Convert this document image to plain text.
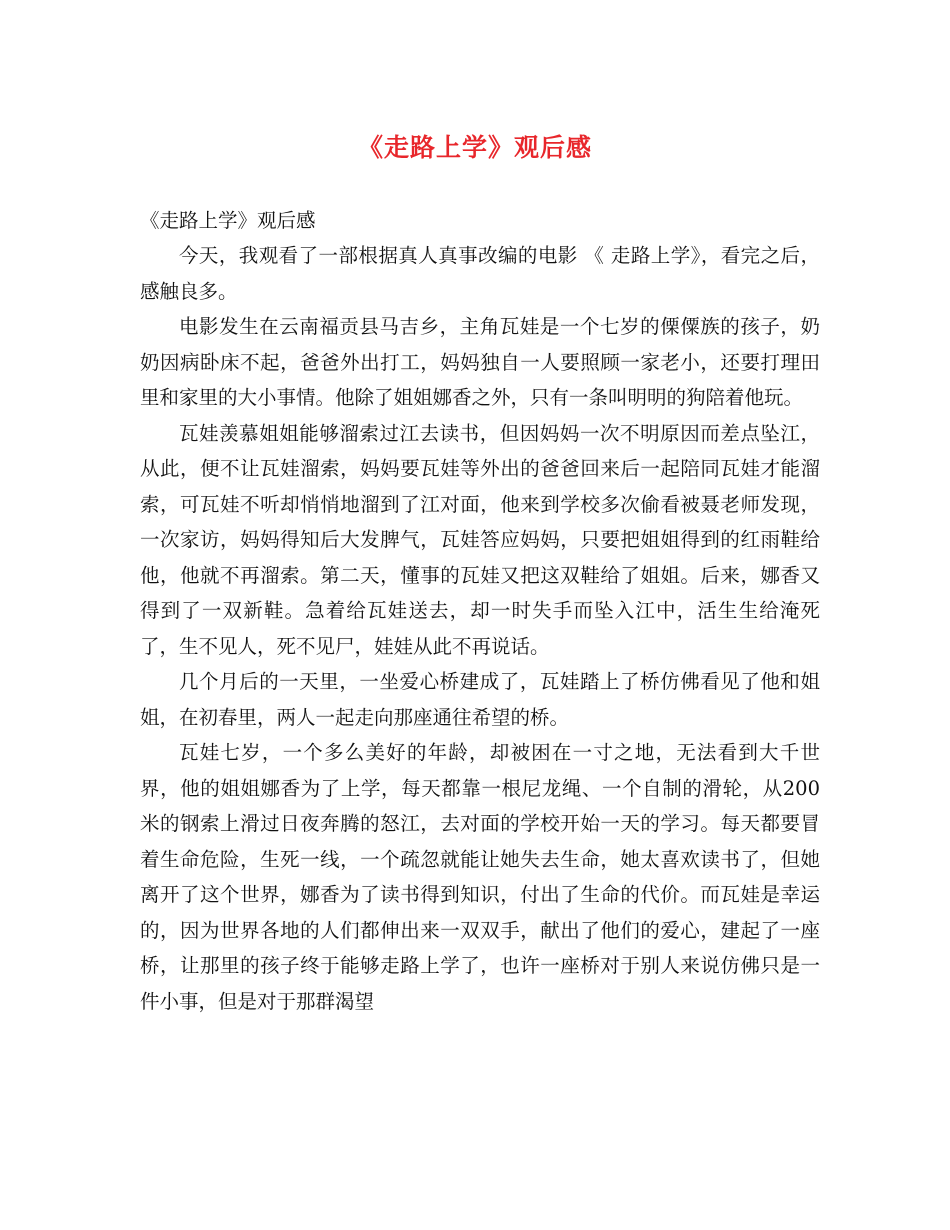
《走路上学》观后感

《走路上学》观后感

今天，我观看了一部根据真人真事改编的电影 《 走路上学》，看完之后，感触良多。

电影发生在云南福贡县马吉乡，主角瓦娃是一个七岁的傈僳族的孩子，奶奶因病卧床不起，爸爸外出打工，妈妈独自一人要照顾一家老小，还要打理田里和家里的大小事情。他除了姐姐娜香之外，只有一条叫明明的狗陪着他玩。

瓦娃羡慕姐姐能够溜索过江去读书，但因妈妈一次不明原因而差点坠江，从此，便不让瓦娃溜索，妈妈要瓦娃等外出的爸爸回来后一起陪同瓦娃才能溜索，可瓦娃不听却悄悄地溜到了江对面，他来到学校多次偷看被聂老师发现，一次家访，妈妈得知后大发脾气，瓦娃答应妈妈，只要把姐姐得到的红雨鞋给他，他就不再溜索。第二天，懂事的瓦娃又把这双鞋给了姐姐。后来，娜香又得到了一双新鞋。急着给瓦娃送去，却一时失手而坠入江中，活生生给淹死了，生不见人，死不见尸，娃娃从此不再说话。

几个月后的一天里，一坐爱心桥建成了，瓦娃踏上了桥仿佛看见了他和姐姐，在初春里，两人一起走向那座通往希望的桥。

瓦娃七岁，一个多么美好的年龄，却被困在一寸之地，无法看到大千世界，他的姐姐娜香为了上学，每天都靠一根尼龙绳、一个自制的滑轮，从200米的钢索上滑过日夜奔腾的怒江，去对面的学校开始一天的学习。每天都要冒着生命危险，生死一线，一个疏忽就能让她失去生命，她太喜欢读书了，但她离开了这个世界，娜香为了读书得到知识，付出了生命的代价。而瓦娃是幸运的，因为世界各地的人们都伸出来一双双手，献出了他们的爱心，建起了一座桥，让那里的孩子终于能够走路上学了，也许一座桥对于别人来说仿佛只是一件小事，但是对于那群渴望
